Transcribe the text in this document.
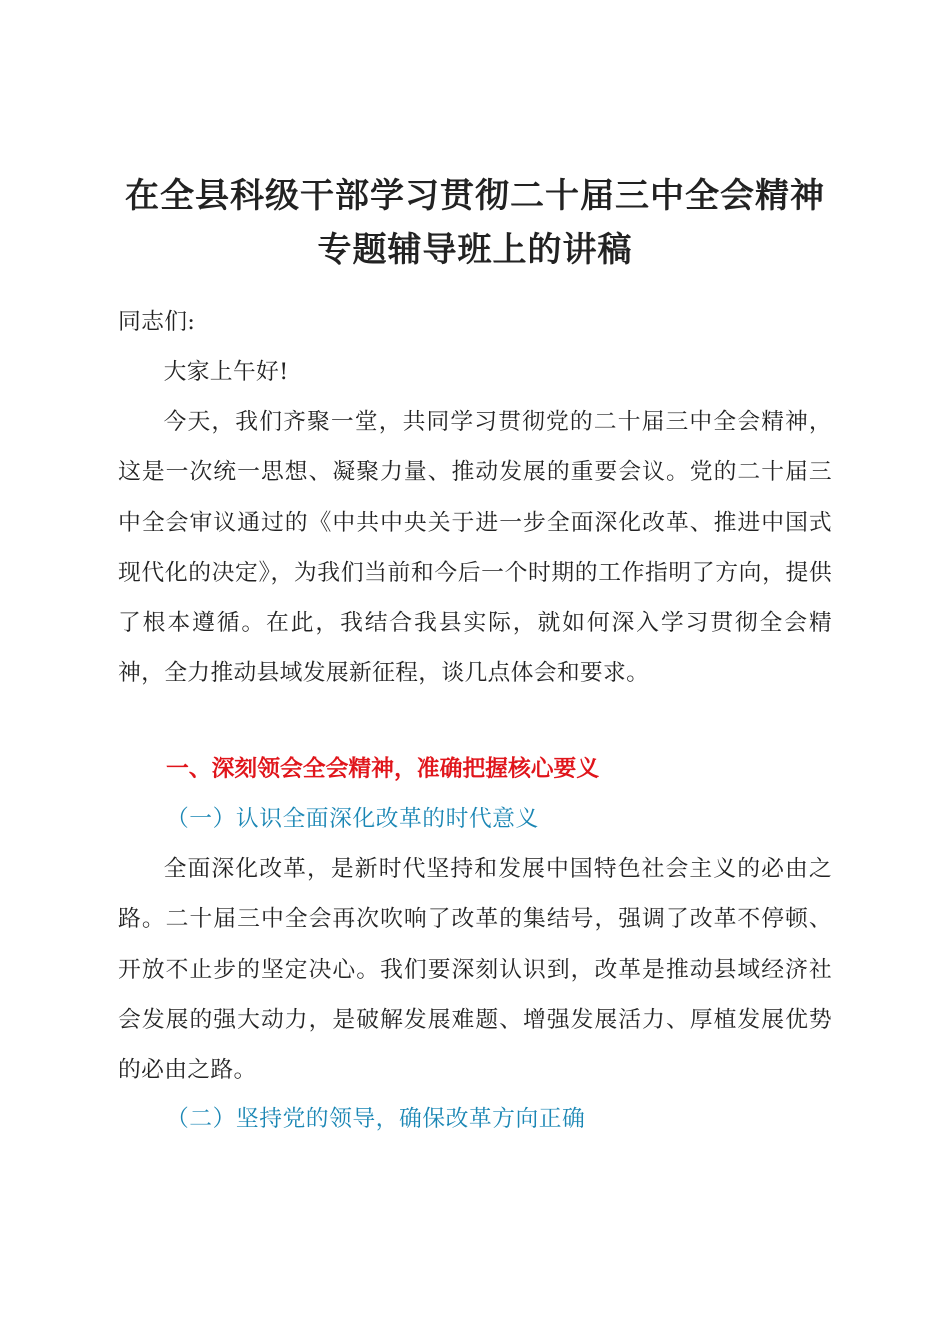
在全县科级干部学习贯彻二十届三中全会精神
专题辅导班上的讲稿

同志们:

大家上午好!

今天，我们齐聚一堂，共同学习贯彻党的二十届三中全会精神，这是一次统一思想、凝聚力量、推动发展的重要会议。党的二十届三中全会审议通过的《中共中央关于进一步全面深化改革、推进中国式现代化的决定》，为我们当前和今后一个时期的工作指明了方向，提供了根本遵循。在此，我结合我县实际，就如何深入学习贯彻全会精神，全力推动县域发展新征程，谈几点体会和要求。

一、深刻领会全会精神，准确把握核心要义

（一）认识全面深化改革的时代意义

全面深化改革，是新时代坚持和发展中国特色社会主义的必由之路。二十届三中全会再次吹响了改革的集结号，强调了改革不停顿、开放不止步的坚定决心。我们要深刻认识到，改革是推动县域经济社会发展的强大动力，是破解发展难题、增强发展活力、厚植发展优势的必由之路。

（二）坚持党的领导，确保改革方向正确
